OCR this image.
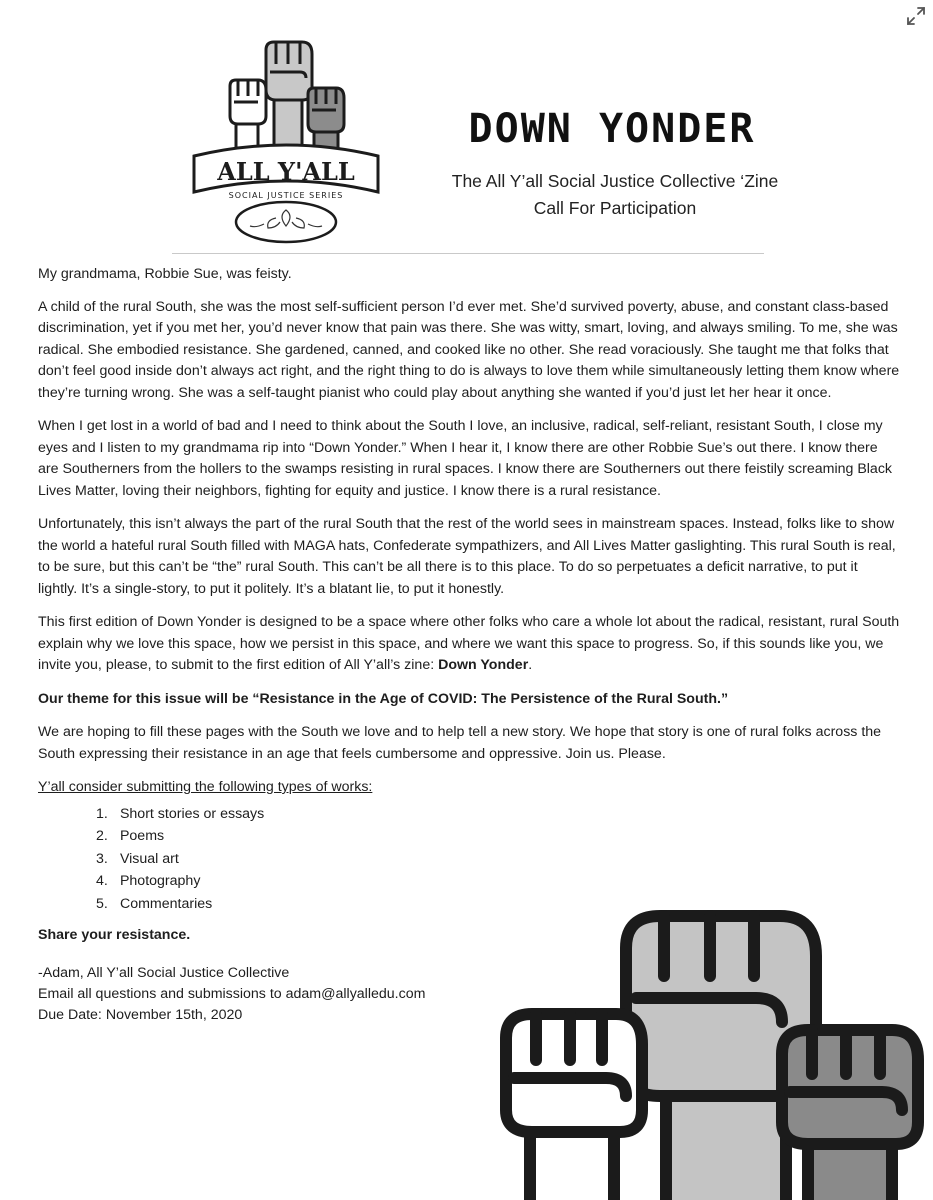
ALL Y'ALL
SOCIAL JUSTICE SERIES
DOWN YONDER
The All Y’all Social Justice Collective ‘Zine
Call For Participation

My grandmama, Robbie Sue, was feisty.

A child of the rural South, she was the most self-sufficient person I’d ever met. She’d survived poverty, abuse, and constant class-based discrimination, yet if you met her, you’d never know that pain was there. She was witty, smart, loving, and always smiling. To me, she was radical. She embodied resistance. She gardened, canned, and cooked like no other. She read voraciously. She taught me that folks that don’t feel good inside don’t always act right, and the right thing to do is always to love them while simultaneously letting them know where they’re turning wrong. She was a self-taught pianist who could play about anything she wanted if you’d just let her hear it once.

When I get lost in a world of bad and I need to think about the South I love, an inclusive, radical, self-reliant, resistant South, I close my eyes and I listen to my grandmama rip into “Down Yonder.” When I hear it, I know there are other Robbie Sue’s out there. I know there are Southerners from the hollers to the swamps resisting in rural spaces. I know there are Southerners out there feistily screaming Black Lives Matter, loving their neighbors, fighting for equity and justice. I know there is a rural resistance.

Unfortunately, this isn’t always the part of the rural South that the rest of the world sees in mainstream spaces. Instead, folks like to show the world a hateful rural South filled with MAGA hats, Confederate sympathizers, and All Lives Matter gaslighting. This rural South is real, to be sure, but this can’t be “the” rural South. This can’t be all there is to this place. To do so perpetuates a deficit narrative, to put it lightly. It’s a single-story, to put it politely. It’s a blatant lie, to put it honestly.

This first edition of Down Yonder is designed to be a space where other folks who care a whole lot about the radical, resistant, rural South explain why we love this space, how we persist in this space, and where we want this space to progress. So, if this sounds like you, we invite you, please, to submit to the first edition of All Y’all’s zine: Down Yonder.

Our theme for this issue will be “Resistance in the Age of COVID: The Persistence of the Rural South.”

We are hoping to fill these pages with the South we love and to help tell a new story. We hope that story is one of rural folks across the South expressing their resistance in an age that feels cumbersome and oppressive. Join us. Please.

Y’all consider submitting the following types of works:

1. Short stories or essays
2. Poems
3. Visual art
4. Photography
5. Commentaries

Share your resistance.

-Adam, All Y’all Social Justice Collective

Email all questions and submissions to adam@allyalledu.com

Due Date: November 15th, 2020
